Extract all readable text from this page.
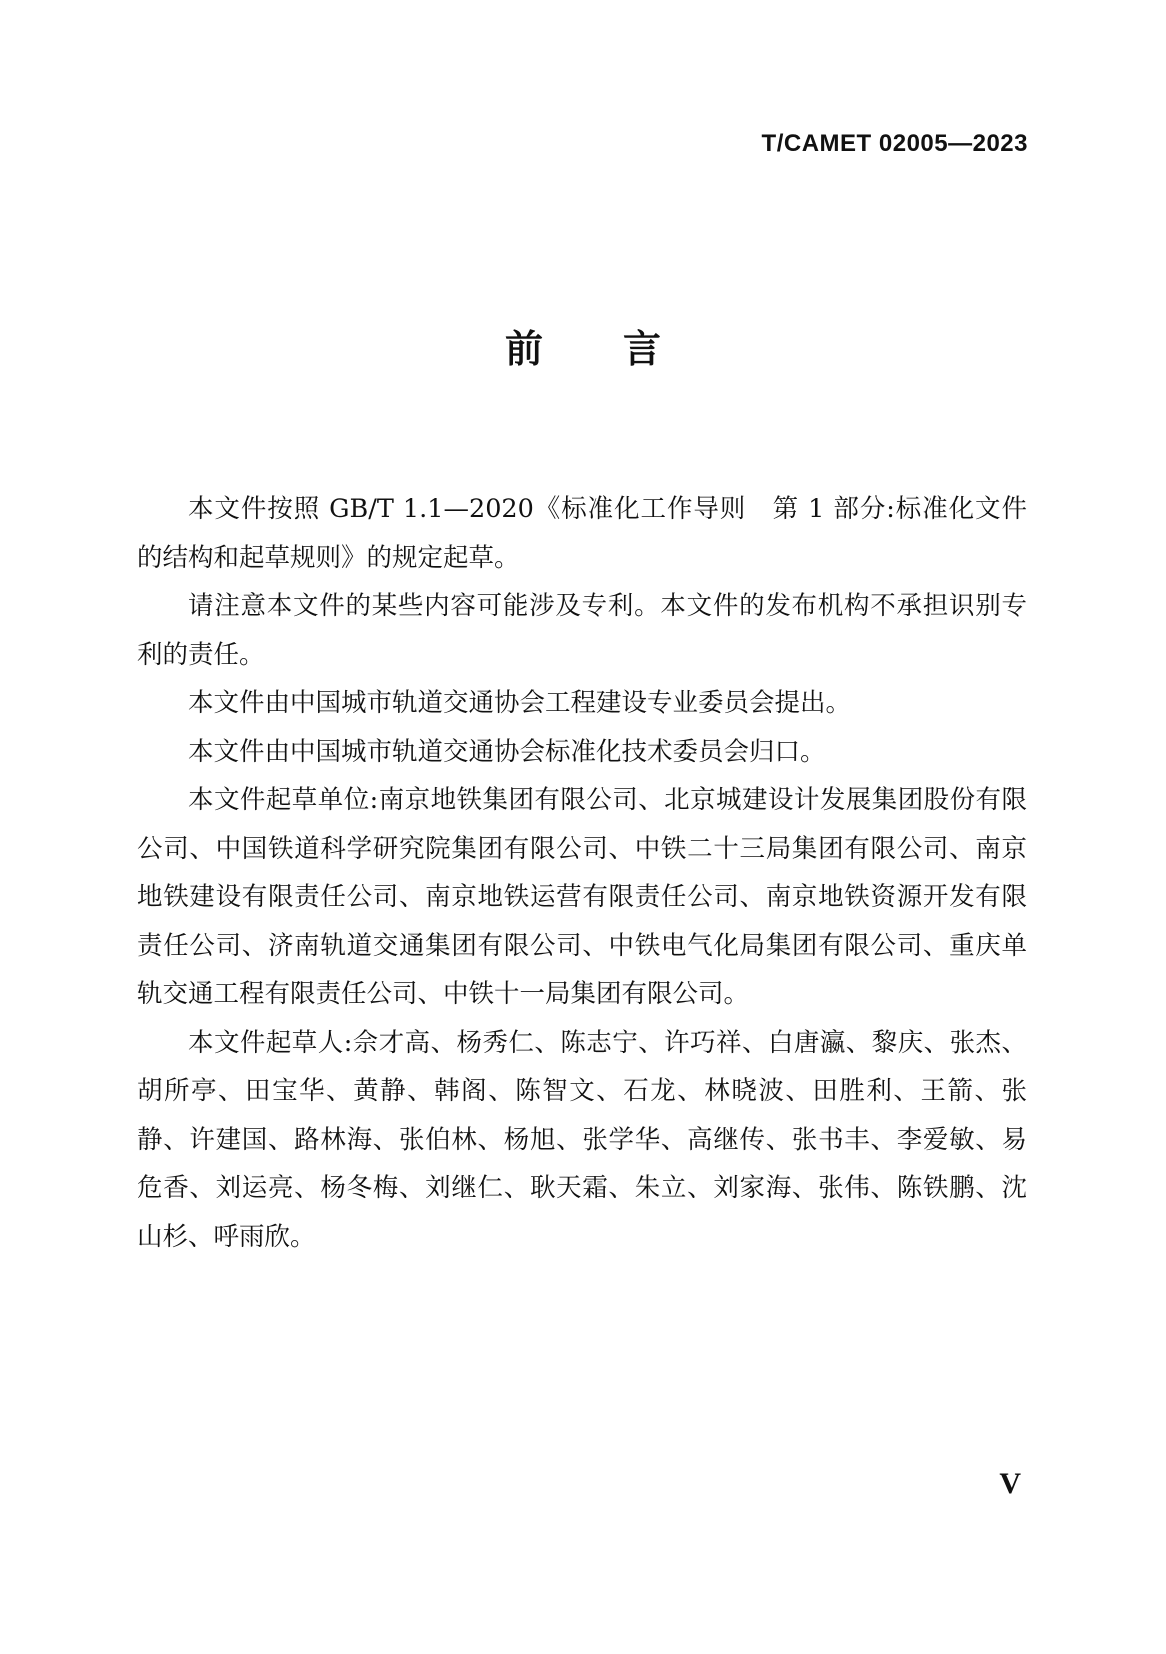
T/CAMET 02005—2023
前言

本文件按照 GB/T 1.1—2020《标准化工作导则　第 1 部分:标准化文件的结构和起草规则》的规定起草。

请注意本文件的某些内容可能涉及专利。本文件的发布机构不承担识别专利的责任。

本文件由中国城市轨道交通协会工程建设专业委员会提出。

本文件由中国城市轨道交通协会标准化技术委员会归口。

本文件起草单位:南京地铁集团有限公司、北京城建设计发展集团股份有限公司、中国铁道科学研究院集团有限公司、中铁二十三局集团有限公司、南京地铁建设有限责任公司、南京地铁运营有限责任公司、南京地铁资源开发有限责任公司、济南轨道交通集团有限公司、中铁电气化局集团有限公司、重庆单轨交通工程有限责任公司、中铁十一局集团有限公司。

本文件起草人:佘才高、杨秀仁、陈志宁、许巧祥、白唐瀛、黎庆、张杰、胡所亭、田宝华、黄静、韩阁、陈智文、石龙、林晓波、田胜利、王箭、张静、许建国、路林海、张伯林、杨旭、张学华、高继传、张书丰、李爱敏、易危香、刘运亮、杨冬梅、刘继仁、耿天霜、朱立、刘家海、张伟、陈铁鹏、沈山杉、呼雨欣。

V
